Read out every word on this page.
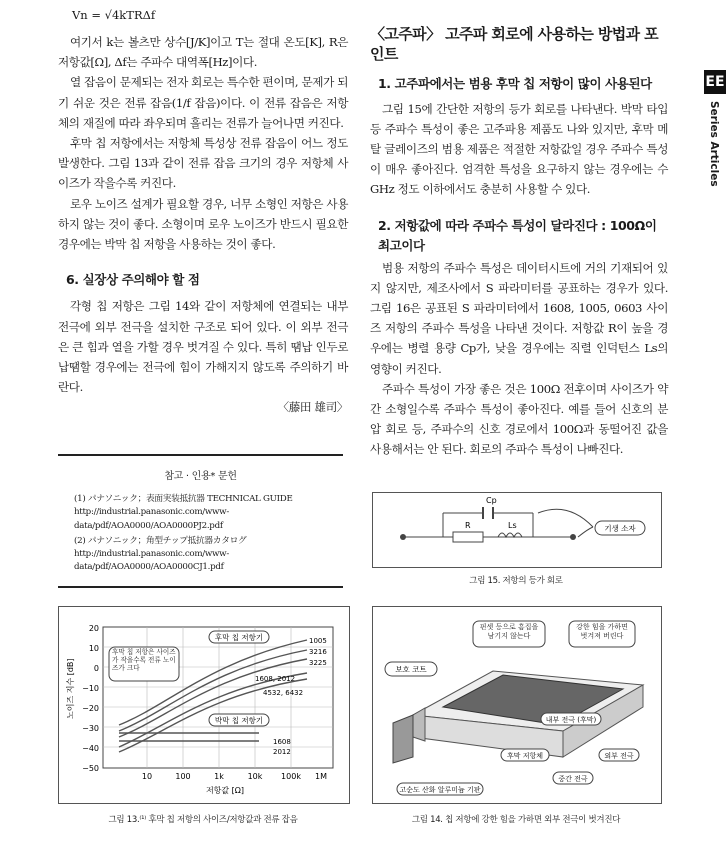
Vn = √4kTRΔf

여기서 k는 볼츠만 상수[J/K]이고 T는 절대 온도[K], R은 저항값[Ω], Δf는 주파수 대역폭[Hz]이다.

열 잡음이 문제되는 전자 회로는 특수한 편이며, 문제가 되기 쉬운 것은 전류 잡음(1/f 잡음)이다. 이 전류 잡음은 저항체의 재질에 따라 좌우되며 흘리는 전류가 늘어나면 커진다.

후막 칩 저항에서는 저항체 특성상 전류 잡음이 어느 정도 발생한다. 그림 13과 같이 전류 잡음 크기의 경우 저항체 사이즈가 작을수록 커진다.

로우 노이즈 설계가 필요할 경우, 너무 소형인 저항은 사용하지 않는 것이 좋다. 소형이며 로우 노이즈가 반드시 필요한 경우에는 박막 칩 저항을 사용하는 것이 좋다.

6. 실장상 주의해야 할 점

각형 칩 저항은 그림 14와 같이 저항체에 연결되는 내부 전극에 외부 전극을 설치한 구조로 되어 있다. 이 외부 전극은 큰 힘과 열을 가할 경우 벗겨질 수 있다. 특히 땜납 인두로 납땜할 경우에는 전극에 힘이 가해지지 않도록 주의하기 바란다.

〈藤田 雄司〉
참고 · 인용* 문헌
(1) パナソニック；表面実装抵抗器 TECHNICAL GUIDE http://industrial.panasonic.com/www-data/pdf/AOA0000/AOA0000PJ2.pdf
(2) パナソニック；角型チップ抵抗器カタログ http://industrial.panasonic.com/www-data/pdf/AOA0000/AOA0000CJ1.pdf
〈고주파〉 고주파 회로에 사용하는 방법과 포인트
1. 고주파에서는 범용 후막 칩 저항이 많이 사용된다

그림 15에 간단한 저항의 등가 회로를 나타낸다. 박막 타입 등 주파수 특성이 좋은 고주파용 제품도 나와 있지만, 후막 메탈 글레이즈의 범용 제품은 적절한 저항값일 경우 주파수 특성이 매우 좋아진다. 엄격한 특성을 요구하지 않는 경우에는 수 GHz 정도 이하에서도 충분히 사용할 수 있다.

2. 저항값에 따라 주파수 특성이 달라진다 : 100Ω이 최고이다

범용 저항의 주파수 특성은 데이터시트에 거의 기재되어 있지 않지만, 제조사에서 S 파라미터를 공표하는 경우가 있다. 그림 16은 공표된 S 파라미터에서 1608, 1005, 0603 사이즈 저항의 주파수 특성을 나타낸 것이다. 저항값 R이 높을 경우에는 병렬 용량 Cp가, 낮을 경우에는 직렬 인덕턴스 Ls의 영향이 커진다.

주파수 특성이 가장 좋은 것은 100Ω 전후이며 사이즈가 약간 소형일수록 주파수 특성이 좋아진다. 예를 들어 신호의 분압 회로 등, 주파수의 신호 경로에서 100Ω과 동떨어진 값을 사용해서는 안 된다. 회로의 주파수 특성이 나빠진다.

Cp
R	Ls	기생 소자
그림 15. 저항의 등가 회로
20
10
0
−10
−20
−30
−40
−50
10	100	1k	10k 100k 1M
저항값 [Ω]
노이즈 지수 [dB]
후막 칩 저항기
후막 칩 저항은 사이즈가 작을수록 전류 노이즈가 크다
박막 칩 저항기
1005
3216
3225
1608, 2012
4532, 6432
1608
2012
그림 13.⁽¹⁾ 후막 칩 저항의 사이즈/저항값과 전류 잡음
보호 코트
핀셋 등으로 흠집을 남기지 않는다
강한 힘을 가하면 벗겨져 버린다
내부 전극 (후막)
후막 저항체	외부 전극
중간 전극
고순도 산화 알루미늄 기판
그림 14. 칩 저항에 강한 힘을 가하면 외부 전극이 벗겨진다
EE
Series Articles
